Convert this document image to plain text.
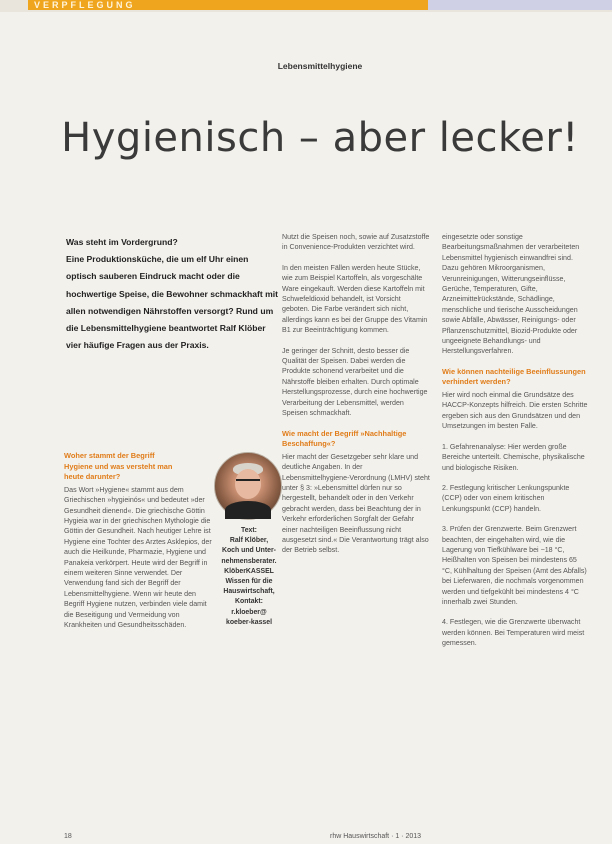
VERPFLEGUNG
Lebensmittelhygiene
Hygienisch – aber lecker!

Was steht im Vordergrund?

Eine Produktionsküche, die um elf Uhr einen optisch sauberen Eindruck macht oder die hochwertige Speise, die Bewohner schmackhaft mit allen notwendigen Nährstoffen versorgt? Rund um die Lebensmittelhygiene beantwortet Ralf Klöber vier häufige Fragen aus der Praxis.

Woher stammt der Begriff Hygiene und was versteht man heute darunter?

Das Wort »Hygiene« stammt aus dem Griechischen »hygieinós« und bedeutet »der Gesundheit dienend«. Die griechische Göttin Hygieia war in der griechischen Mythologie die Göttin der Gesundheit. Nach heutiger Lehre ist Hygiene eine Tochter des Arztes Asklepios, der auch die Heilkunde, Pharmazie, Hygiene und Panakeia verkörpert. Heute wird der Begriff in einem weiteren Sinne verwendet. Der Verwendung fand sich der Begriff der Lebensmittelhygiene. Wenn wir heute den Begriff Hygiene nutzen, verbinden viele damit die Beseitigung und Vermeidung von Krankheiten und Gesundheitsschäden.

Text:

Ralf Klöber,

Koch und Unter-

nehmensberater.

KlöberKASSEL

Wissen für die

Hauswirtschaft,

Kontakt:

r.kloeber@

koeber-kassel

Nutzt die Speisen noch, sowie auf Zusatzstoffe in Convenience-Produkten verzichtet wird.

In den meisten Fällen werden heute Stücke, wie zum Beispiel Kartoffeln, als vorgeschälte Ware eingekauft. Werden diese Kartoffeln mit Schwefeldioxid behandelt, ist Vorsicht geboten. Die Farbe verändert sich nicht, allerdings kann es bei der Gruppe des Vitamin B1 zur Beeinträchtigung kommen.

Je geringer der Schnitt, desto besser die Qualität der Speisen. Dabei werden die Produkte schonend verarbeitet und die Nährstoffe bleiben erhalten. Durch optimale Herstellungsprozesse, durch eine hochwertige Verarbeitung der Lebensmittel, werden Speisen schmackhaft.

Wie macht der Begriff »Nachhaltige Beschaffung«?

Hier macht der Gesetzgeber sehr klare und deutliche Angaben. In der Lebensmittelhygiene-Verordnung (LMHV) steht unter § 3: »Lebensmittel dürfen nur so hergestellt, behandelt oder in den Verkehr gebracht werden, dass bei Beachtung der in Verkehr erforderlichen Sorgfalt der Gefahr einer nachteiligen Beeinflussung nicht ausgesetzt sind.« Die Verantwortung trägt also der Betrieb selbst.

eingesetzte oder sonstige Bearbeitungsmaßnahmen der verarbeiteten Lebensmittel hygienisch einwandfrei sind. Dazu gehören Mikroorganismen, Verunreinigungen, Witterungseinflüsse, Gerüche, Temperaturen, Gifte, Arzneimittelrückstände, Schädlinge, menschliche und tierische Ausscheidungen sowie Abfälle, Abwässer, Reinigungs- oder Pflanzenschutzmittel, Biozid-Produkte oder ungeeignete Behandlungs- und Herstellungsverfahren.

Wie können nachteilige Beeinflussungen verhindert werden?

Hier wird noch einmal die Grundsätze des HACCP-Konzepts hilfreich. Die ersten Schritte ergeben sich aus den Grundsätzen und den Umsetzungen im besten Falle.

1. Gefahrenanalyse: Hier werden große Bereiche unterteilt. Chemische, physikalische und biologische Risiken.

2. Festlegung kritischer Lenkungspunkte (CCP) oder von einem kritischen Lenkungspunkt (CCP) handeln.

3. Prüfen der Grenzwerte. Beim Grenzwert beachten, der eingehalten wird, wie die Lagerung von Tiefkühlware bei −18 °C, Heißhalten von Speisen bei mindestens 65 °C, Kühlhaltung der Speisen (Amt des Abfalls) bei Lieferwaren, die nochmals vorgenommen werden und tiefgekühlt bei mindestens 4 °C innerhalb zwei Stunden.

4. Festlegen, wie die Grenzwerte überwacht werden können. Bei Temperaturen wird meist gemessen.

18	rhw Hauswirtschaft · 1 · 2013
